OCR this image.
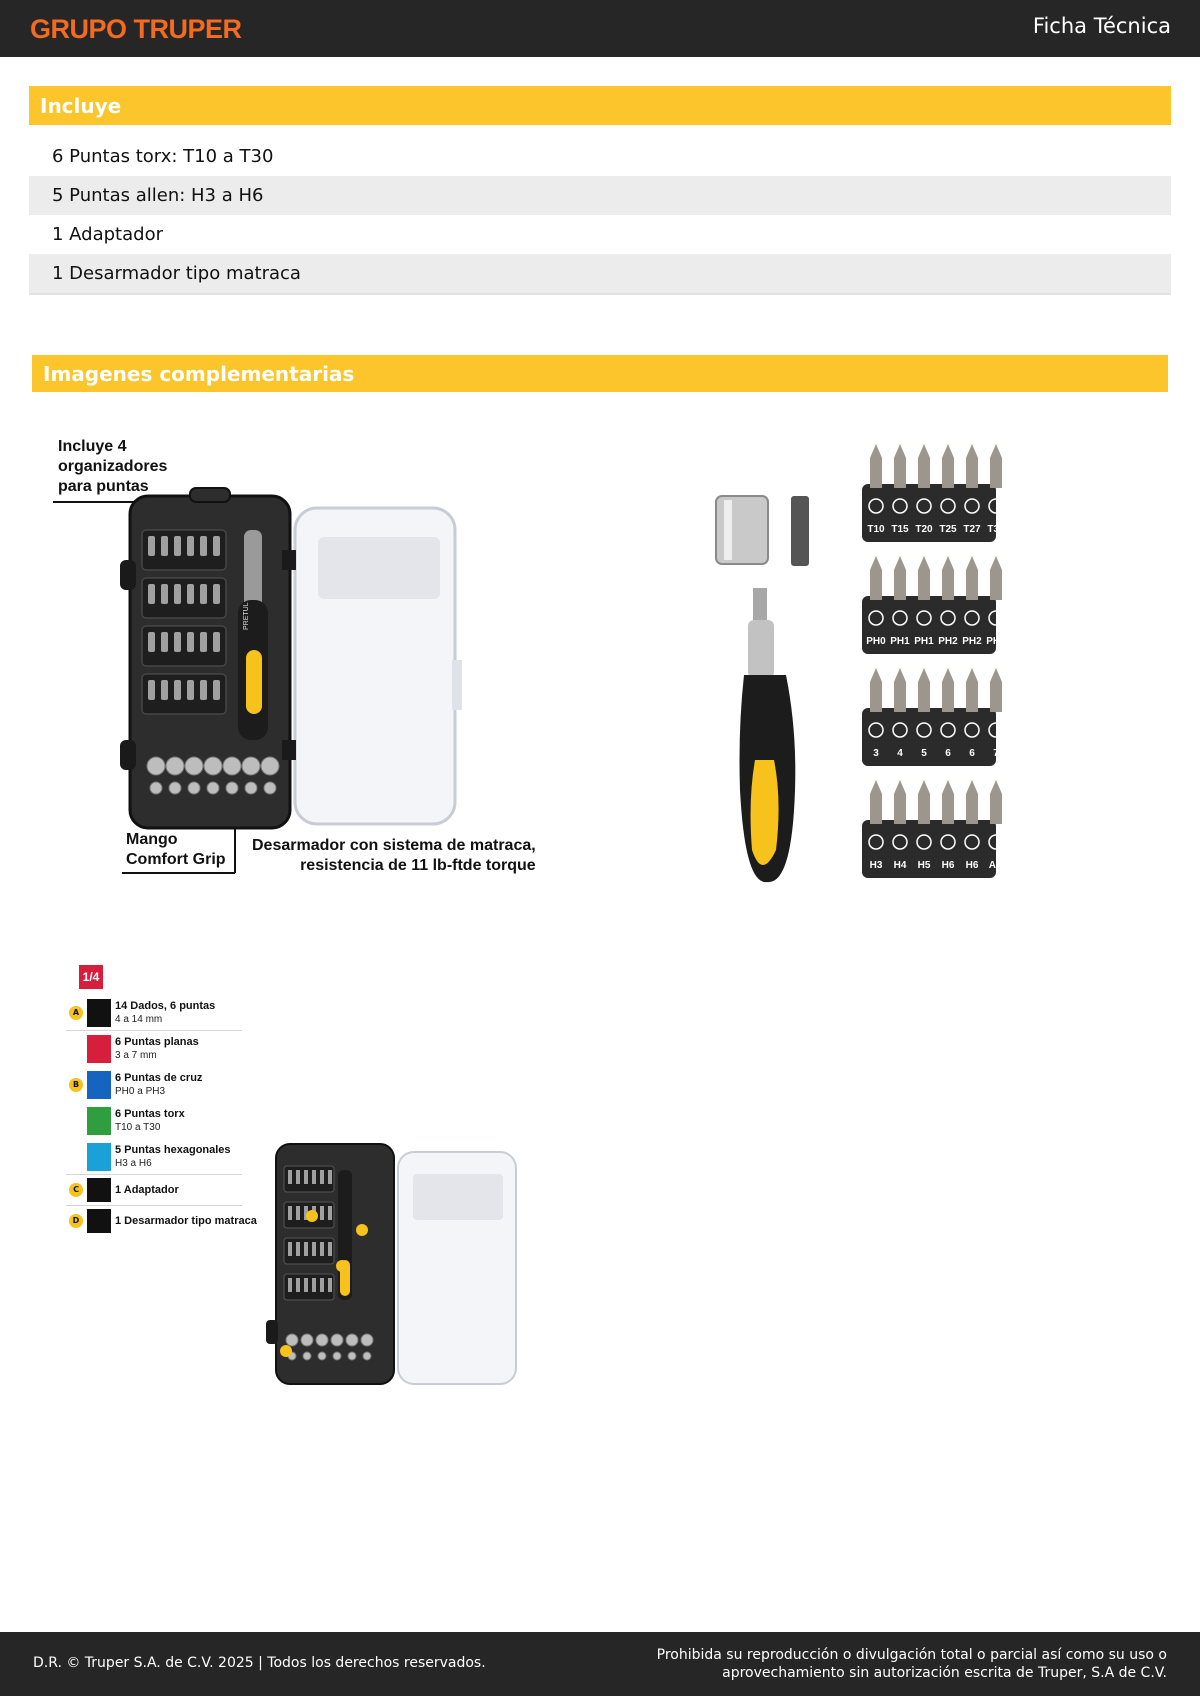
GRUPO TRUPER	Ficha Técnica
Incluye
6 Puntas torx: T10 a T30
5 Puntas allen: H3 a H6
1 Adaptador
1 Desarmador tipo matraca
Imagenes complementarias
PRETUL
Incluye 4
organizadores
para puntas
Mango
Comfort Grip
Desarmador con sistema de matraca,
resistencia de 11 lb-ftde torque
T10 T15 T20 T25 T27 T30
PH0 PH1 PH1 PH2 PH2 PH3
3 4 5 6 6 7
H3 H4 H5 H6 H6 AD
1/4
A
14 Dados, 6 puntas
4 a 14 mm
6 Puntas planas
3 a 7 mm
B
6 Puntas de cruz
PH0 a PH3
6 Puntas torx
T10 a T30
5 Puntas hexagonales
H3 a H6
C	1 Adaptador
D	1 Desarmador tipo matraca
D.R. © Truper S.A. de C.V. 2025 | Todos los derechos reservados.	Prohibida su reproducción o divulgación total o parcial así como su uso o
aprovechamiento sin autorización escrita de Truper, S.A de C.V.
